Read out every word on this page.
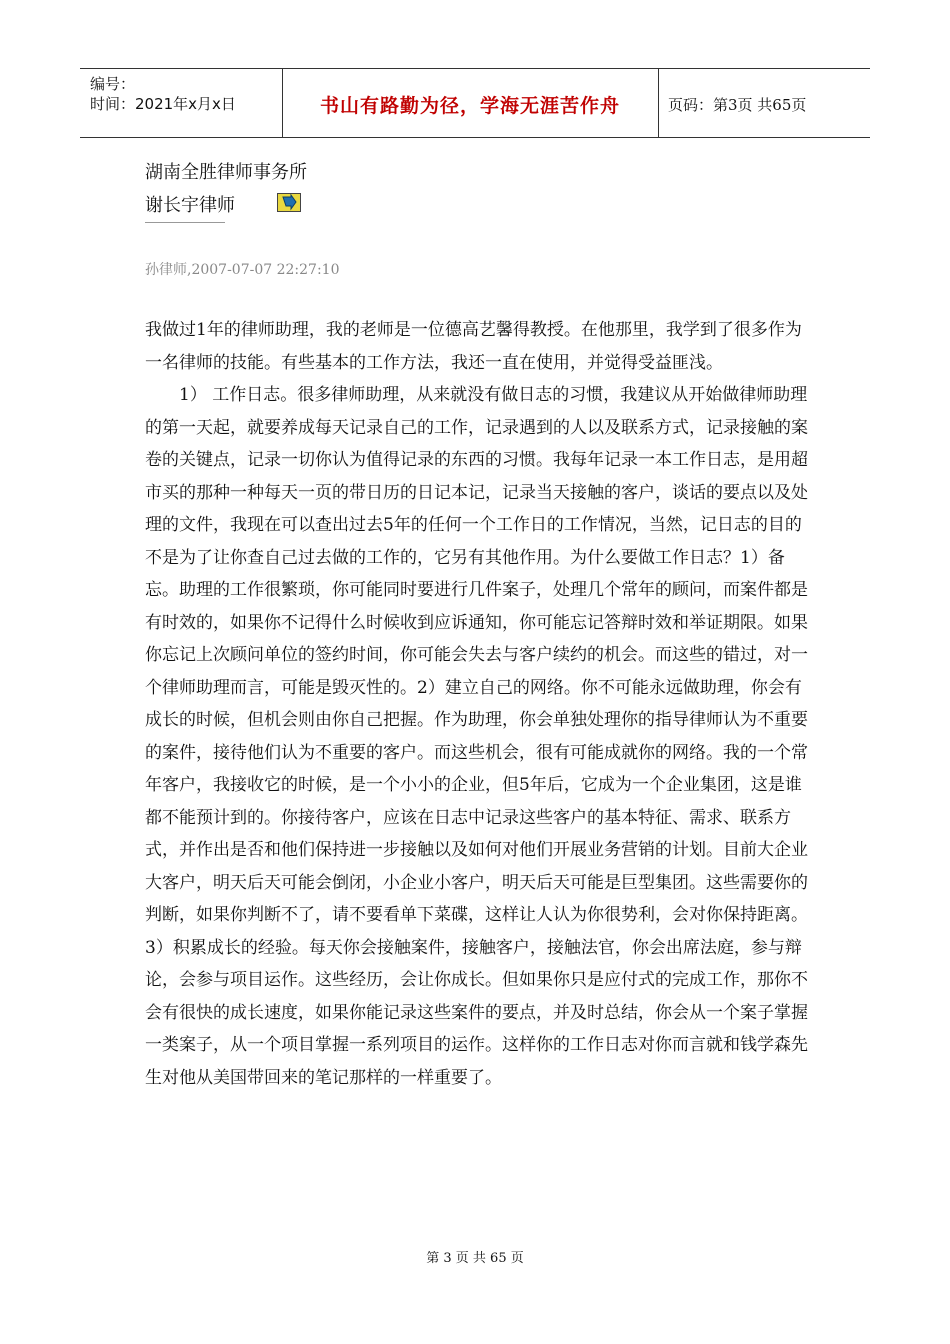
编号：
时间：2021年x月x日	书山有路勤为径，学海无涯苦作舟	页码：第3页 共65页
湖南全胜律师事务所
谢长宇律师
孙律师,2007-07-07 22:27:10

我做过1年的律师助理，我的老师是一位德高艺馨得教授。在他那里，我学到了很多作为一名律师的技能。有些基本的工作方法，我还一直在使用，并觉得受益匪浅。

1） 工作日志。很多律师助理，从来就没有做日志的习惯，我建议从开始做律师助理的第一天起，就要养成每天记录自己的工作，记录遇到的人以及联系方式，记录接触的案卷的关键点，记录一切你认为值得记录的东西的习惯。我每年记录一本工作日志，是用超市买的那种一种每天一页的带日历的日记本记，记录当天接触的客户，谈话的要点以及处理的文件，我现在可以查出过去5年的任何一个工作日的工作情况，当然，记日志的目的不是为了让你查自己过去做的工作的，它另有其他作用。为什么要做工作日志？1）备忘。助理的工作很繁琐，你可能同时要进行几件案子，处理几个常年的顾问，而案件都是有时效的，如果你不记得什么时候收到应诉通知，你可能忘记答辩时效和举证期限。如果你忘记上次顾问单位的签约时间，你可能会失去与客户续约的机会。而这些的错过，对一个律师助理而言，可能是毁灭性的。2）建立自己的网络。你不可能永远做助理，你会有成长的时候，但机会则由你自己把握。作为助理，你会单独处理你的指导律师认为不重要的案件，接待他们认为不重要的客户。而这些机会，很有可能成就你的网络。我的一个常年客户，我接收它的时候，是一个小小的企业，但5年后，它成为一个企业集团，这是谁都不能预计到的。你接待客户，应该在日志中记录这些客户的基本特征、需求、联系方式，并作出是否和他们保持进一步接触以及如何对他们开展业务营销的计划。目前大企业大客户，明天后天可能会倒闭，小企业小客户，明天后天可能是巨型集团。这些需要你的判断，如果你判断不了，请不要看单下菜碟，这样让人认为你很势利，会对你保持距离。3）积累成长的经验。每天你会接触案件，接触客户，接触法官，你会出席法庭，参与辩论，会参与项目运作。这些经历，会让你成长。但如果你只是应付式的完成工作，那你不会有很快的成长速度，如果你能记录这些案件的要点，并及时总结，你会从一个案子掌握一类案子，从一个项目掌握一系列项目的运作。这样你的工作日志对你而言就和钱学森先生对他从美国带回来的笔记那样的一样重要了。

第 3 页 共 65 页
